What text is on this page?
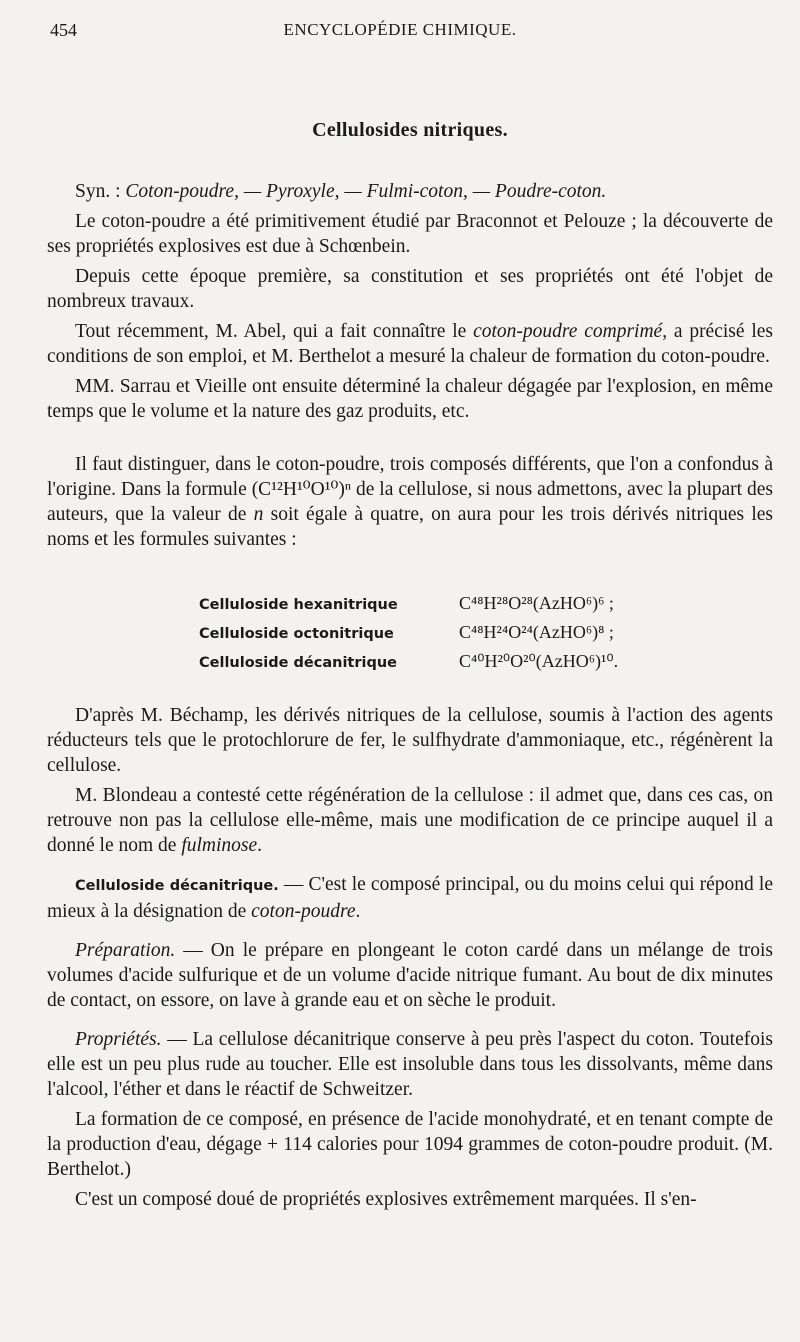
454	ENCYCLOPÉDIE CHIMIQUE.
Cellulosides nitriques.

Syn. : Coton-poudre, — Pyroxyle, — Fulmi-coton, — Poudre-coton.

Le coton-poudre a été primitivement étudié par Braconnot et Pelouze ; la découverte de ses propriétés explosives est due à Schœnbein.

Depuis cette époque première, sa constitution et ses propriétés ont été l'objet de nombreux travaux.

Tout récemment, M. Abel, qui a fait connaître le coton-poudre comprimé, a précisé les conditions de son emploi, et M. Berthelot a mesuré la chaleur de formation du coton-poudre.

MM. Sarrau et Vieille ont ensuite déterminé la chaleur dégagée par l'explosion, en même temps que le volume et la nature des gaz produits, etc.

Il faut distinguer, dans le coton-poudre, trois composés différents, que l'on a confondus à l'origine. Dans la formule (C¹²H¹⁰O¹⁰)ⁿ de la cellulose, si nous admettons, avec la plupart des auteurs, que la valeur de n soit égale à quatre, on aura pour les trois dérivés nitriques les noms et les formules suivantes :

Celluloside hexanitrique	C⁴⁸H²⁸O²⁸(AzHO⁶)⁶ ;
Celluloside octonitrique	C⁴⁸H²⁴O²⁴(AzHO⁶)⁸ ;
Celluloside décanitrique	C⁴⁰H²⁰O²⁰(AzHO⁶)¹⁰.

D'après M. Béchamp, les dérivés nitriques de la cellulose, soumis à l'action des agents réducteurs tels que le protochlorure de fer, le sulfhydrate d'ammoniaque, etc., régénèrent la cellulose.

M. Blondeau a contesté cette régénération de la cellulose : il admet que, dans ces cas, on retrouve non pas la cellulose elle-même, mais une modification de ce principe auquel il a donné le nom de fulminose.

Celluloside décanitrique. — C'est le composé principal, ou du moins celui qui répond le mieux à la désignation de coton-poudre.

Préparation. — On le prépare en plongeant le coton cardé dans un mélange de trois volumes d'acide sulfurique et de un volume d'acide nitrique fumant. Au bout de dix minutes de contact, on essore, on lave à grande eau et on sèche le produit.

Propriétés. — La cellulose décanitrique conserve à peu près l'aspect du coton. Toutefois elle est un peu plus rude au toucher. Elle est insoluble dans tous les dissolvants, même dans l'alcool, l'éther et dans le réactif de Schweitzer.

La formation de ce composé, en présence de l'acide monohydraté, et en tenant compte de la production d'eau, dégage + 114 calories pour 1094 grammes de coton-poudre produit. (M. Berthelot.)

C'est un composé doué de propriétés explosives extrêmement marquées. Il s'en-
